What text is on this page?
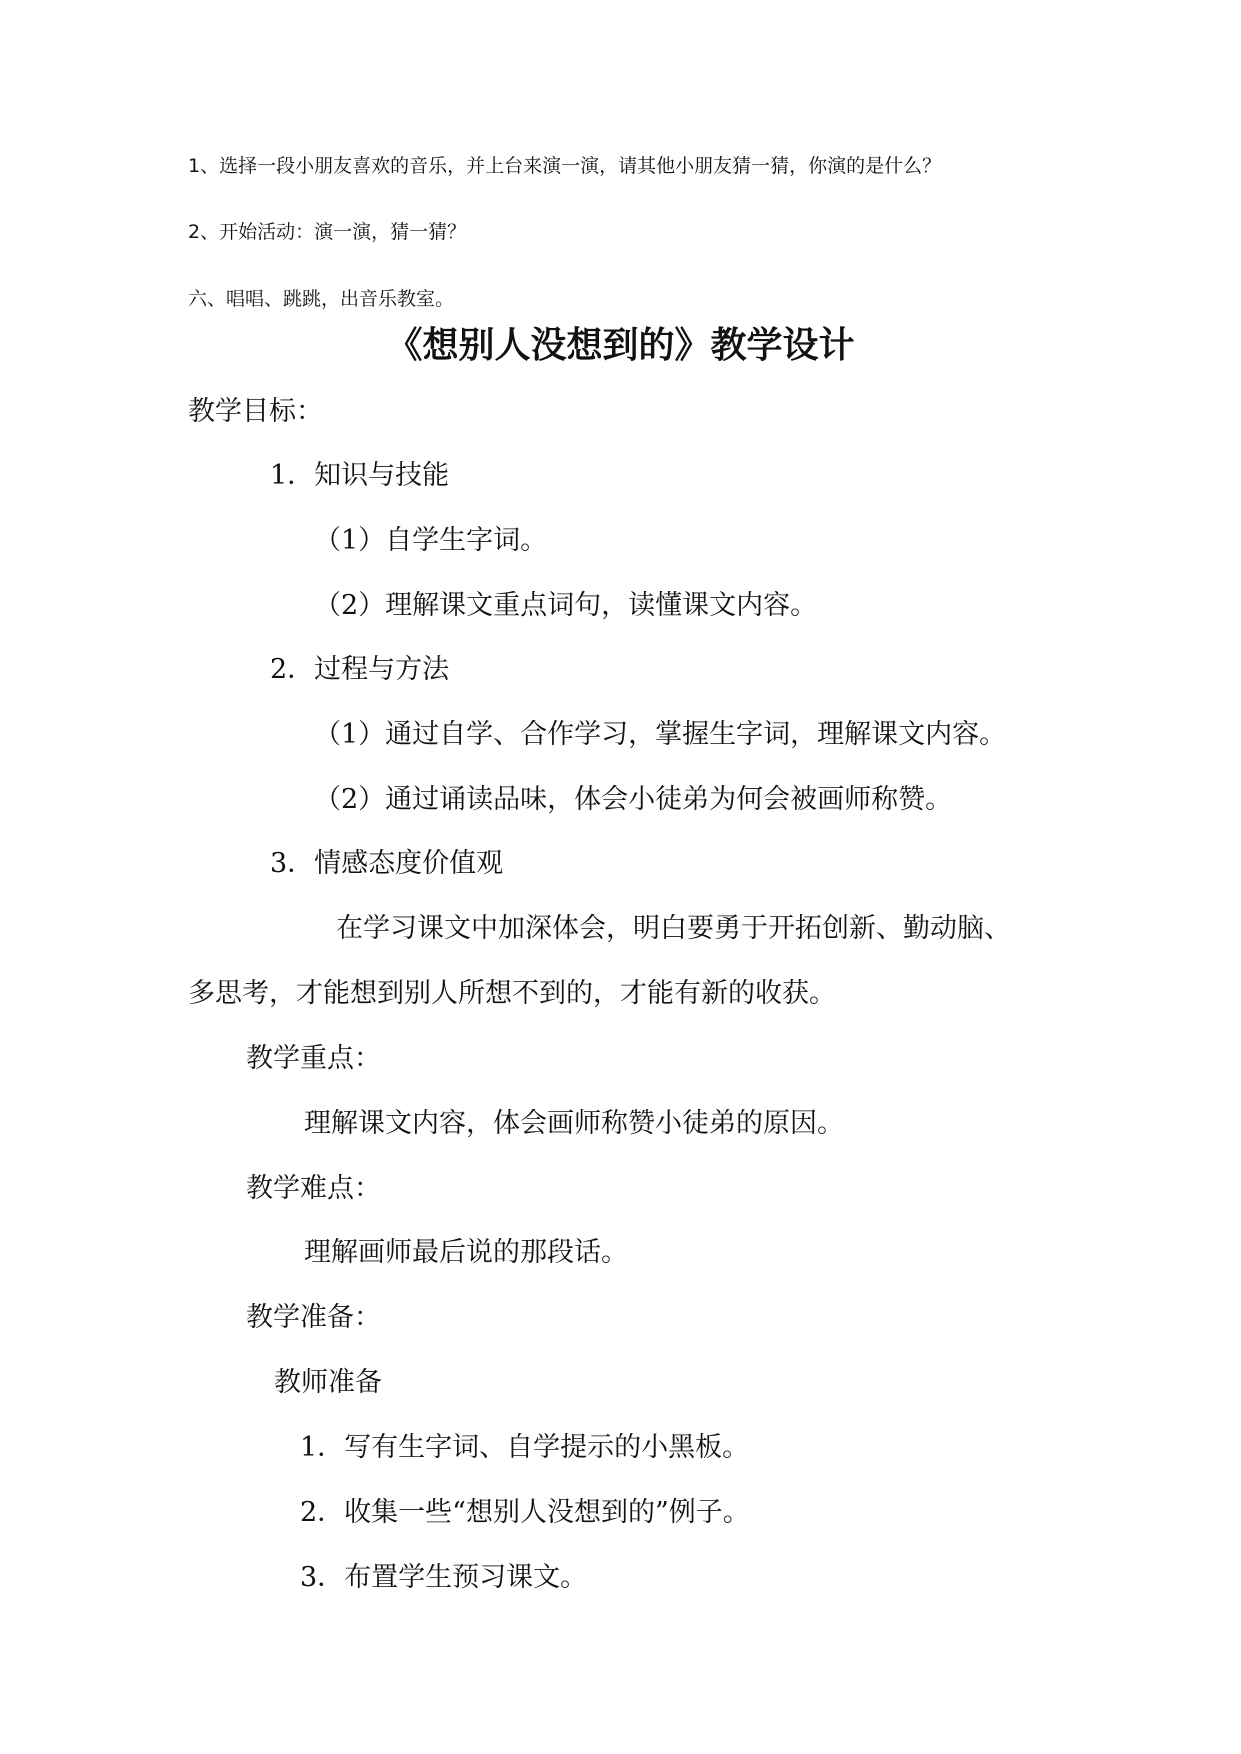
1、选择一段小朋友喜欢的音乐，并上台来演一演，请其他小朋友猜一猜，你演的是什么？
2、开始活动：演一演，猜一猜？
六、唱唱、跳跳，出音乐教室。
《想别人没想到的》教学设计
教学目标：
1．知识与技能
（1）自学生字词。
（2）理解课文重点词句，读懂课文内容。
2．过程与方法
（1）通过自学、合作学习，掌握生字词，理解课文内容。
（2）通过诵读品味，体会小徒弟为何会被画师称赞。
3．情感态度价值观
在学习课文中加深体会，明白要勇于开拓创新、勤动脑、
多思考，才能想到别人所想不到的，才能有新的收获。
教学重点：
理解课文内容，体会画师称赞小徒弟的原因。
教学难点：
理解画师最后说的那段话。
教学准备：
教师准备
1．写有生字词、自学提示的小黑板。
2．收集一些“想别人没想到的”例子。
3．布置学生预习课文。
